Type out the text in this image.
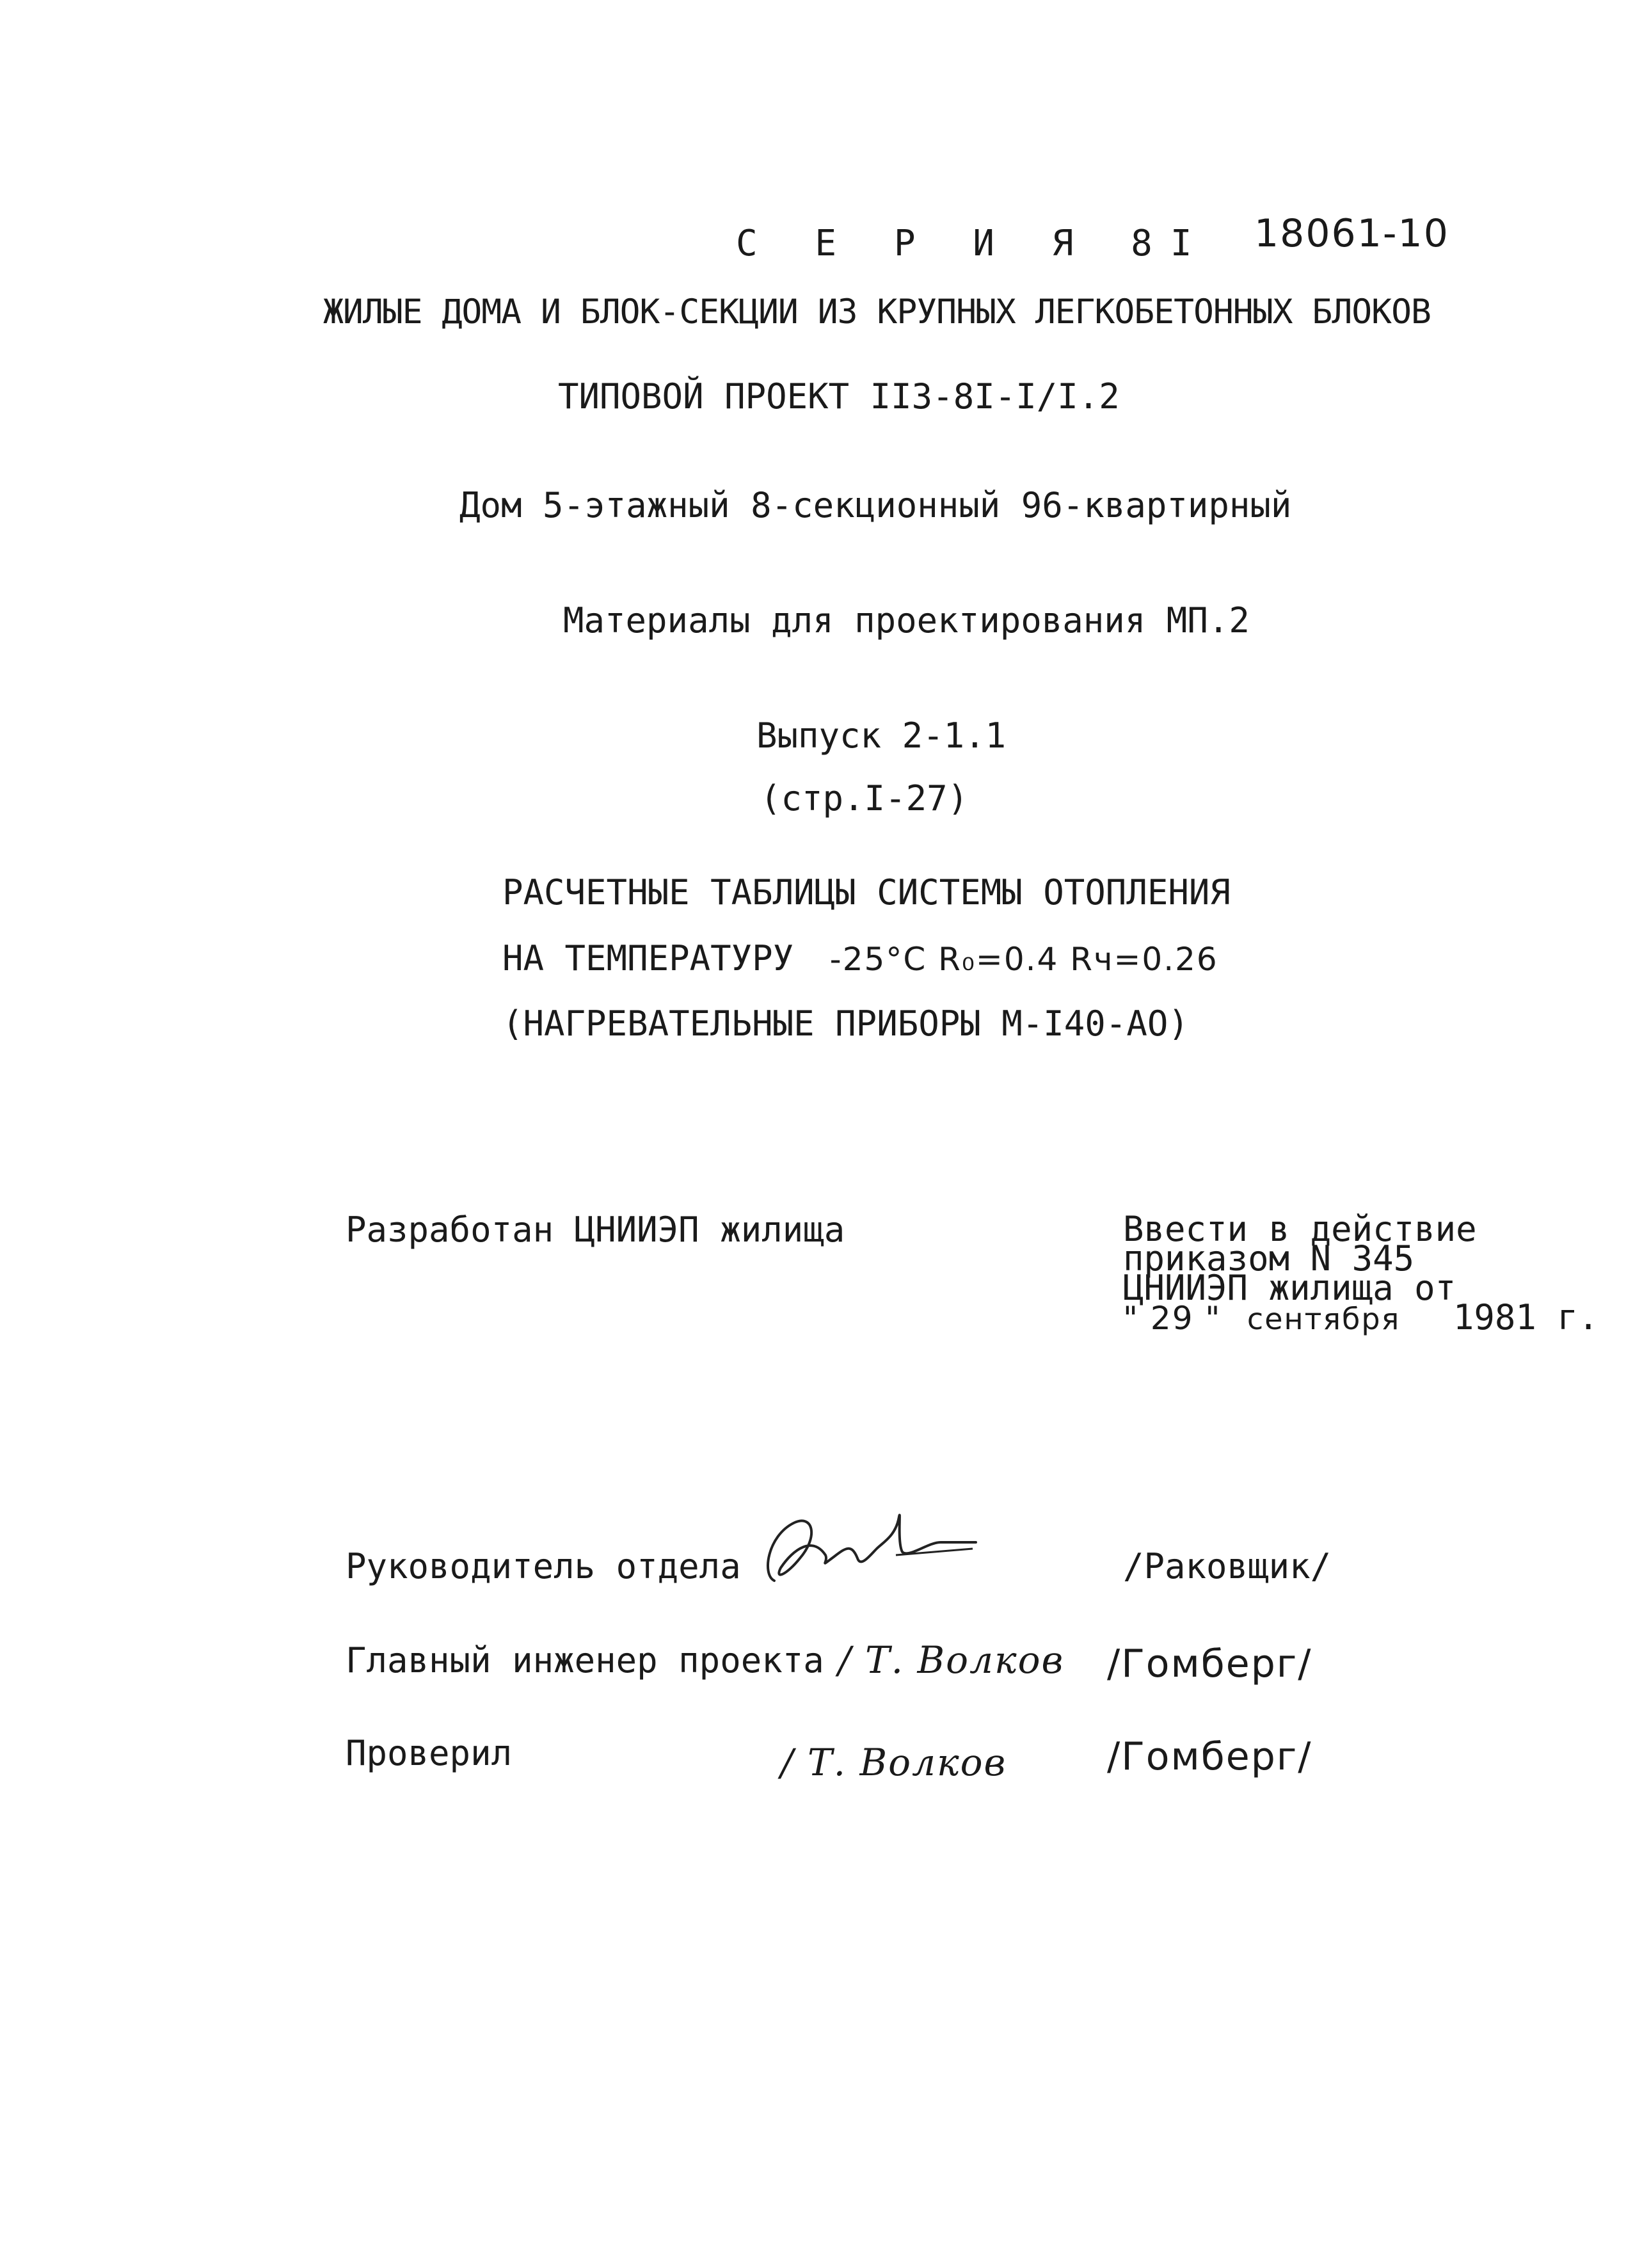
18061-10
С Е Р И Я 8I
ЖИЛЫЕ ДОМА И БЛОК-СЕКЦИИ ИЗ КРУПНЫХ ЛЕГКОБЕТОННЫХ БЛОКОВ
ТИПОВОЙ ПРОЕКТ II3-8I-I/I.2
Дом 5-этажный 8-секционный 96-квартирный
Материалы для проектирования МП.2
Выпуск 2-1.1
(стр.I-27)
РАСЧЕТНЫЕ ТАБЛИЦЫ СИСТЕМЫ ОТОПЛЕНИЯ
НА ТЕМПЕРАТУРУ -25°C R₀=0.4 Rч=0.26
(НАГРЕВАТЕЛЬНЫЕ ПРИБОРЫ М-I40-АО)
Разработан ЦНИИЭП жилища	Ввести в действие
приказом N 345
ЦНИИЭП жилища от
" 29 " сентября 1981 г.
Руководитель отдела	/Раковщик/
Главный инженер проекта / Т. Волков /Гомберг/
Проверил	/ Т. Волков	/Гомберг/
